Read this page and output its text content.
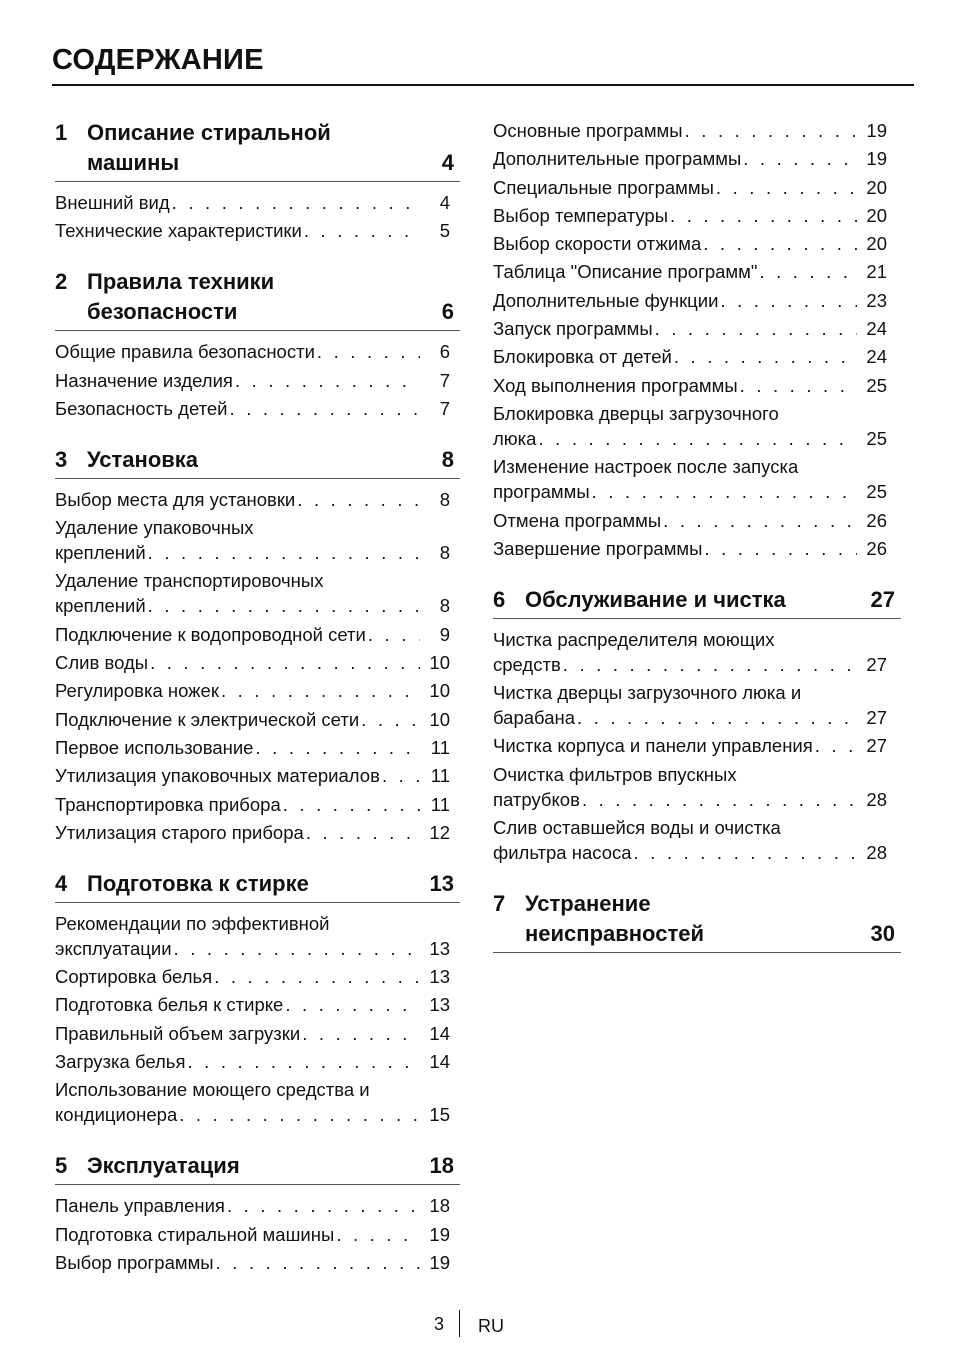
СОДЕРЖАНИЕ
1 Описание стиральной
машины	4
Внешний вид . . .	4
Технические характеристики . . .	5
2 Правила техники
безопасности	6
Общие правила безопасности . . .	6
Назначение изделия . . .	7
Безопасность детей . . .	7
3 Установка	8
Выбор места для установки . . .	8
Удаление упаковочных
креплений . . .	8
Удаление транспортировочных
креплений . . .	8
Подключение к водопроводной сети . . .	9
Слив воды . . .	10
Регулировка ножек . . .	10
Подключение к электрической сети . . .	10
Первое использование . . .	11
Утилизация упаковочных материалов . . .	11
Транспортировка прибора . . .	11
Утилизация старого прибора . . .	12
4 Подготовка к стирке	13
Рекомендации по эффективной
эксплуатации . . .	13
Сортировка белья . . .	13
Подготовка белья к стирке . . .	13
Правильный объем загрузки . . .	14
Загрузка белья . . .	14
Использование моющего средства и
кондиционера . . .	15
5 Эксплуатация	18
Панель управления . . .	18
Подготовка стиральной машины . . .	19
Выбор программы . . .	19
Основные программы . . .	19
Дополнительные программы . . .	19
Специальные программы . . .	20
Выбор температуры . . .	20
Выбор скорости отжима . . .	20
Таблица "Описание программ" . . .	21
Дополнительные функции . . .	23
Запуск программы . . .	24
Блокировка от детей . . .	24
Ход выполнения программы . . .	25
Блокировка дверцы загрузочного
люка . . .	25
Изменение настроек после запуска
программы . . .	25
Отмена программы . . .	26
Завершение программы . . .	26
6 Обслуживание и чистка	27
Чистка распределителя моющих
средств . . .	27
Чистка дверцы загрузочного люка и
барабана . . .	27
Чистка корпуса и панели управления . . .	27
Очистка фильтров впускных
патрубков . . .	28
Слив оставшейся воды и очистка
фильтра насоса . . .	28
7 Устранение
неисправностей	30
3 RU
